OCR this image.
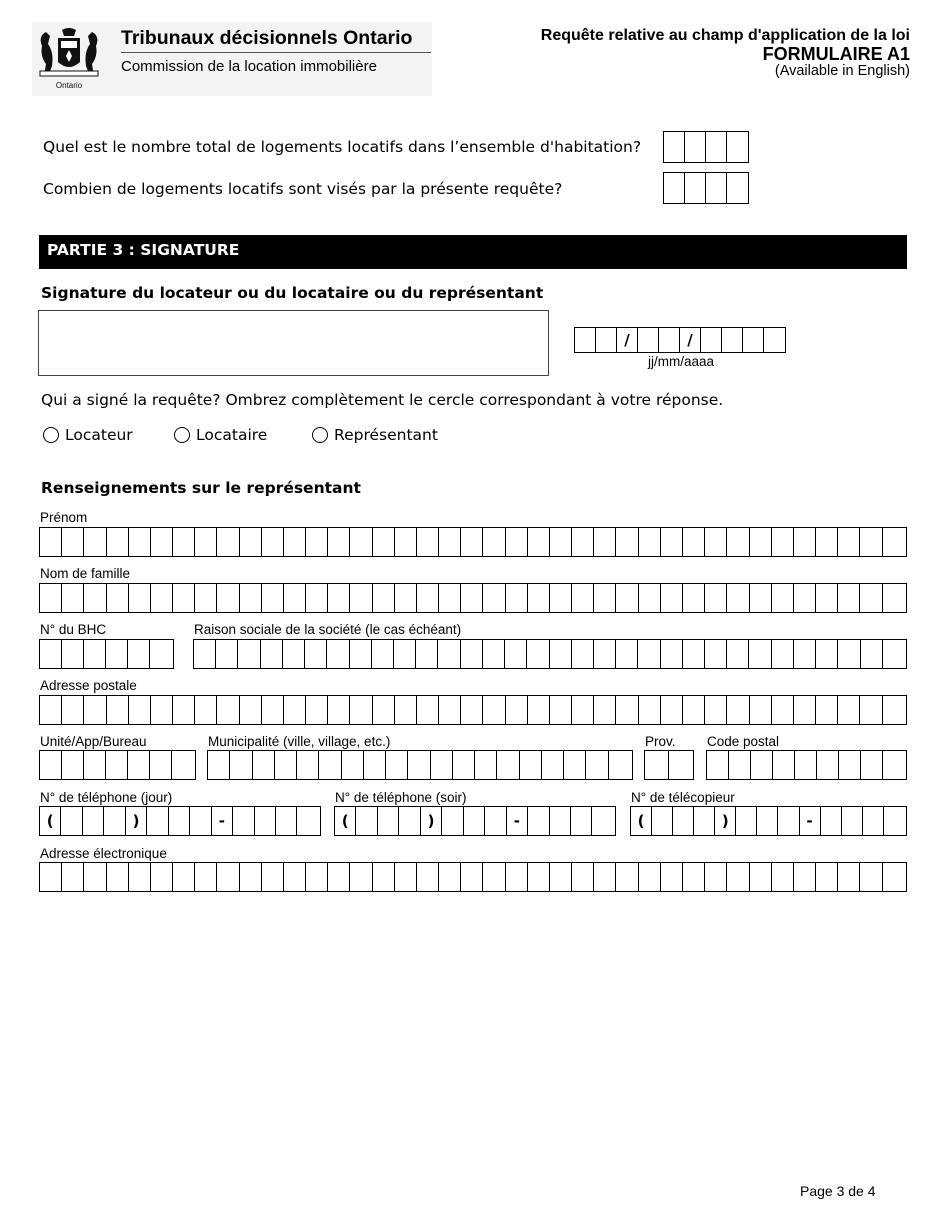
Ontario
Tribunaux décisionnels Ontario
Commission de la location immobilière
Requête relative au champ d'application de la loi
FORMULAIRE A1
(Available in English)
Quel est le nombre total de logements locatifs dans l’ensemble d'habitation?
Combien de logements locatifs sont visés par la présente requête?
PARTIE 3 : SIGNATURE
Signature du locateur ou du locataire ou du représentant
/	/
jj/mm/aaaa
Qui a signé la requête? Ombrez complètement le cercle correspondant à votre réponse.
Locateur	Locataire	Représentant
Renseignements sur le représentant
Prénom
Nom de famille
N° du BHC	Raison sociale de la société (le cas échéant)
Adresse postale
Unité/App/Bureau	Municipalité (ville, village, etc.)	Prov. Code postal
N° de téléphone (jour)
(	)	-
N° de téléphone (soir)
(	)	-
N° de télécopieur
(	)	-
Adresse électronique
Page 3 de 4
